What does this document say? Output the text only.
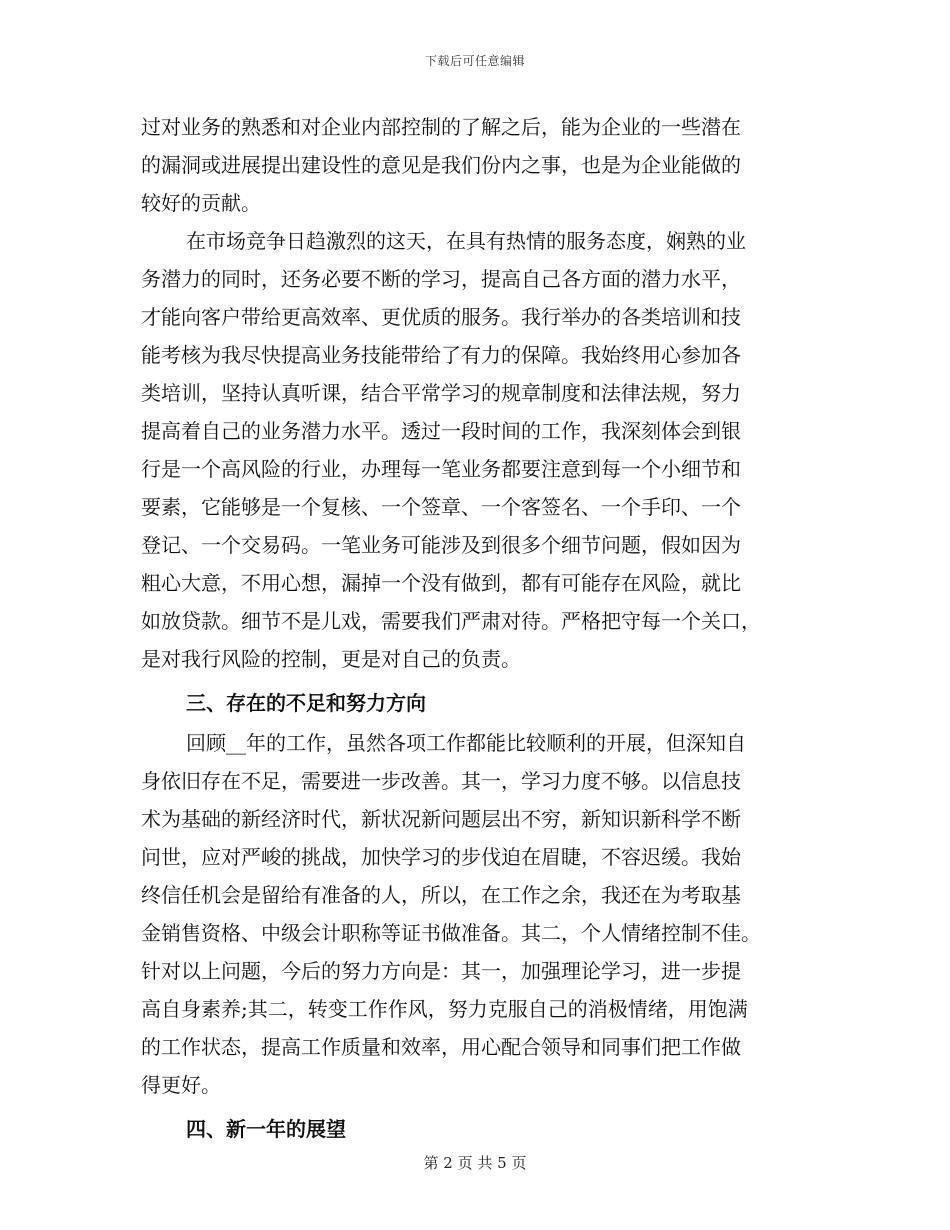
下载后可任意编辑
过对业务的熟悉和对企业内部控制的了解之后，能为企业的一些潜在
的漏洞或进展提出建设性的意见是我们份内之事，也是为企业能做的
较好的贡献。
在市场竞争日趋激烈的这天，在具有热情的服务态度，娴熟的业
务潜力的同时，还务必要不断的学习，提高自己各方面的潜力水平，
才能向客户带给更高效率、更优质的服务。我行举办的各类培训和技
能考核为我尽快提高业务技能带给了有力的保障。我始终用心参加各
类培训，坚持认真听课，结合平常学习的规章制度和法律法规，努力
提高着自己的业务潜力水平。透过一段时间的工作，我深刻体会到银
行是一个高风险的行业，办理每一笔业务都要注意到每一个小细节和
要素，它能够是一个复核、一个签章、一个客签名、一个手印、一个
登记、一个交易码。一笔业务可能涉及到很多个细节问题，假如因为
粗心大意，不用心想，漏掉一个没有做到，都有可能存在风险，就比
如放贷款。细节不是儿戏，需要我们严肃对待。严格把守每一个关口，
是对我行风险的控制，更是对自己的负责。
三、存在的不足和努力方向
回顾__年的工作，虽然各项工作都能比较顺利的开展，但深知自
身依旧存在不足，需要进一步改善。其一，学习力度不够。以信息技
术为基础的新经济时代，新状况新问题层出不穷，新知识新科学不断
问世，应对严峻的挑战，加快学习的步伐迫在眉睫，不容迟缓。我始
终信任机会是留给有准备的人，所以，在工作之余，我还在为考取基
金销售资格、中级会计职称等证书做准备。其二，个人情绪控制不佳。
针对以上问题，今后的努力方向是：其一，加强理论学习，进一步提
高自身素养;其二，转变工作作风，努力克服自己的消极情绪，用饱满
的工作状态，提高工作质量和效率，用心配合领导和同事们把工作做
得更好。
四、新一年的展望
第 2 页 共 5 页
